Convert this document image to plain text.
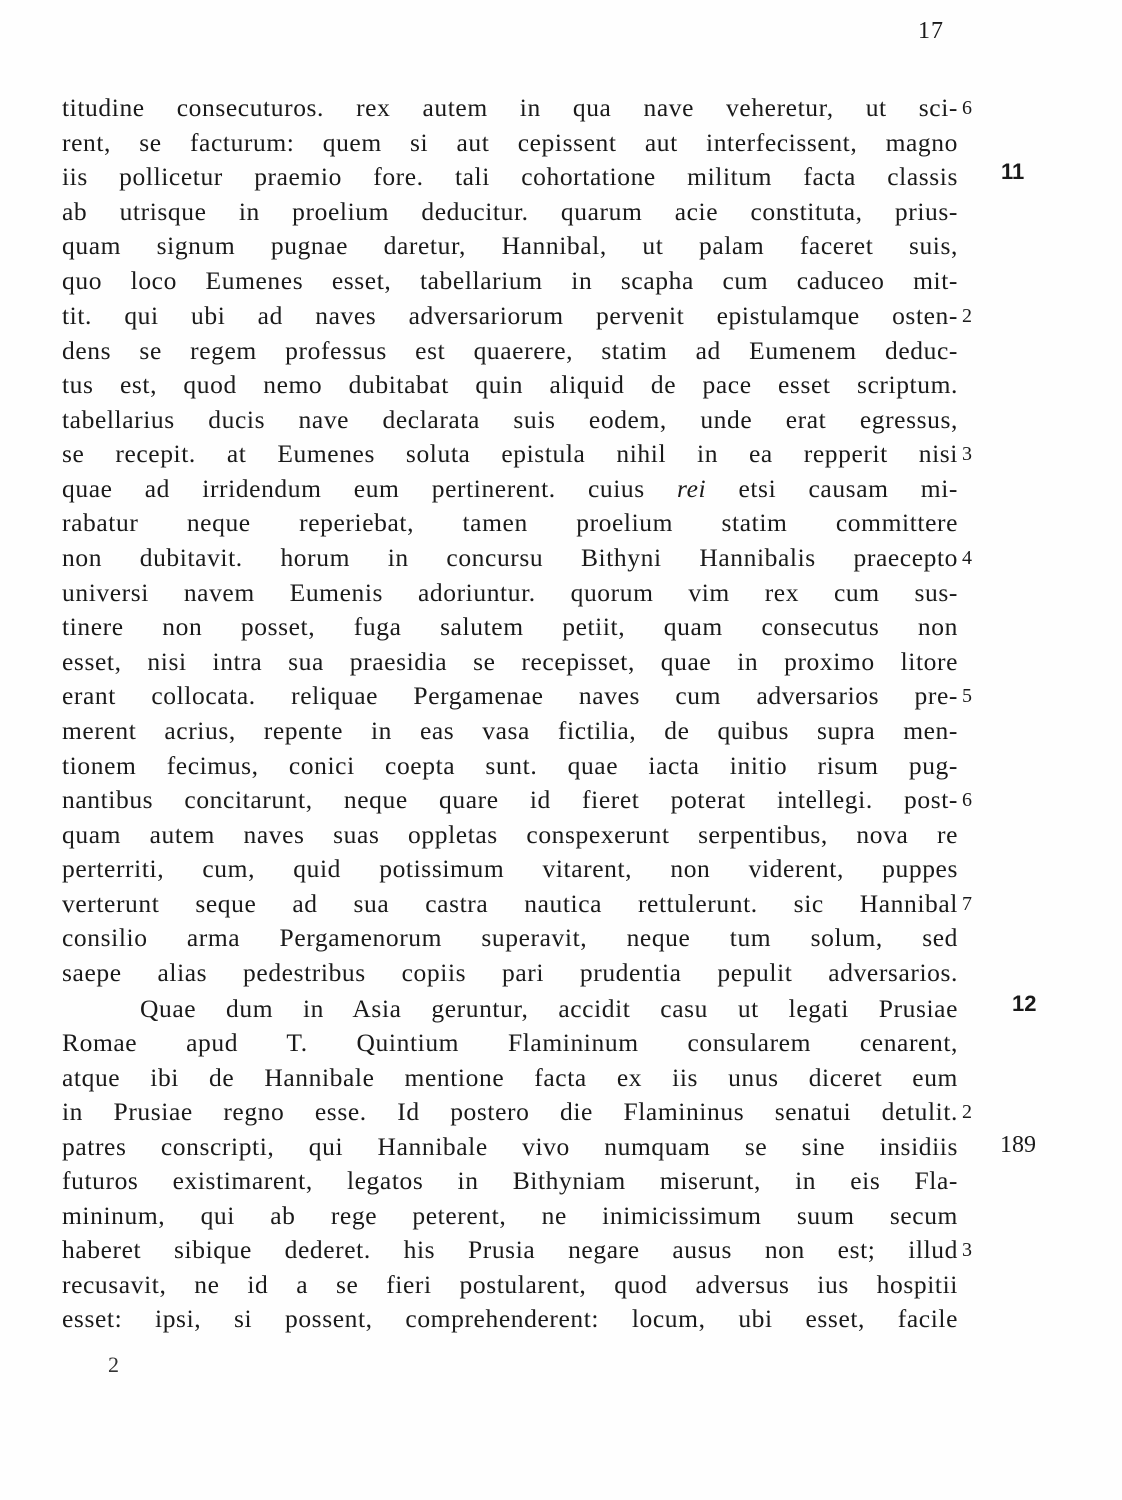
17
titudine consecuturos. rex autem in qua nave veheretur, ut sci-
rent, se facturum: quem si aut cepissent aut interfecissent, magno
iis pollicetur praemio fore. tali cohortatione militum facta classis
ab utrisque in proelium deducitur. quarum acie constituta, prius-
quam signum pugnae daretur, Hannibal, ut palam faceret suis,
quo loco Eumenes esset, tabellarium in scapha cum caduceo mit-
tit. qui ubi ad naves adversariorum pervenit epistulamque osten-
dens se regem professus est quaerere, statim ad Eumenem deduc-
tus est, quod nemo dubitabat quin aliquid de pace esset scriptum.
tabellarius ducis nave declarata suis eodem, unde erat egressus,
se recepit. at Eumenes soluta epistula nihil in ea repperit nisi
quae ad irridendum eum pertinerent. cuius rei etsi causam mi-
rabatur neque reperiebat, tamen proelium statim committere
non dubitavit. horum in concursu Bithyni Hannibalis praecepto
universi navem Eumenis adoriuntur. quorum vim rex cum sus-
tinere non posset, fuga salutem petiit, quam consecutus non
esset, nisi intra sua praesidia se recepisset, quae in proximo litore
erant collocata. reliquae Pergamenae naves cum adversarios pre-
merent acrius, repente in eas vasa fictilia, de quibus supra men-
tionem fecimus, conici coepta sunt. quae iacta initio risum pug-
nantibus concitarunt, neque quare id fieret poterat intellegi. post-
quam autem naves suas oppletas conspexerunt serpentibus, nova re
perterriti, cum, quid potissimum vitarent, non viderent, puppes
verterunt seque ad sua castra nautica rettulerunt. sic Hannibal
consilio arma Pergamenorum superavit, neque tum solum, sed
saepe alias pedestribus copiis pari prudentia pepulit adversarios.
Quae dum in Asia geruntur, accidit casu ut legati Prusiae
Romae apud T. Quintium Flamininum consularem cenarent,
atque ibi de Hannibale mentione facta ex iis unus diceret eum
in Prusiae regno esse. Id postero die Flamininus senatui detulit.
patres conscripti, qui Hannibale vivo numquam se sine insidiis
futuros existimarent, legatos in Bithyniam miserunt, in eis Fla-
mininum, qui ab rege peterent, ne inimicissimum suum secum
haberet sibique dederet. his Prusia negare ausus non est; illud
recusavit, ne id a se fieri postularent, quod adversus ius hospitii
esset: ipsi, si possent, comprehenderent: locum, ubi esset, facile
6
2
3
4
5
6
7
2
3
11
12
189
2
